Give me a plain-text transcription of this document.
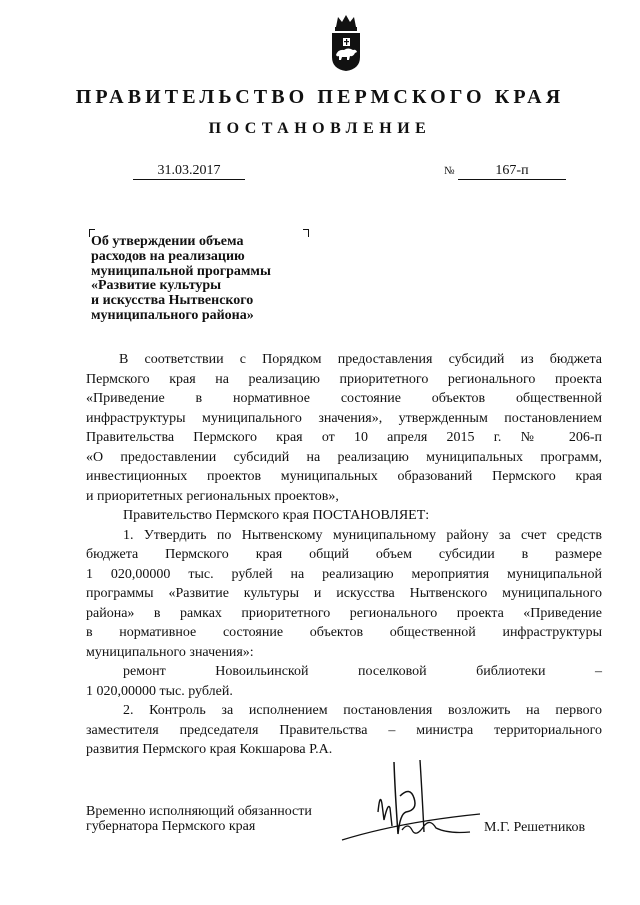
ПРАВИТЕЛЬСТВО ПЕРМСКОГО КРАЯ
ПОСТАНОВЛЕНИЕ
31.03.2017	№	167-п
Об утверждении объема
расходов на реализацию
муниципальной программы
«Развитие культуры
и искусства Нытвенского
муниципального района»
В соответствии с Порядком предоставления субсидий из бюджета
Пермского края на реализацию приоритетного регионального проекта
«Приведение в нормативное состояние объектов общественной
инфраструктуры муниципального значения», утвержденным постановлением
Правительства Пермского края от 10 апреля 2015 г. № 206-п
«О предоставлении субсидий на реализацию муниципальных программ,
инвестиционных проектов муниципальных образований Пермского края
и приоритетных региональных проектов»,
Правительство Пермского края ПОСТАНОВЛЯЕТ:
1. Утвердить по Нытвенскому муниципальному району за счет средств
бюджета Пермского края общий объем субсидии в размере
1 020,00000 тыс. рублей на реализацию мероприятия муниципальной
программы «Развитие культуры и искусства Нытвенского муниципального
района» в рамках приоритетного регионального проекта «Приведение
в нормативное состояние объектов общественной инфраструктуры
муниципального значения»:
ремонт Новоильинской поселковой библиотеки –
1 020,00000 тыс. рублей.
2. Контроль за исполнением постановления возложить на первого
заместителя председателя Правительства – министра территориального
развития Пермского края Кокшарова Р.А.
Временно исполняющий обязанности
губернатора Пермского края	М.Г. Решетников
